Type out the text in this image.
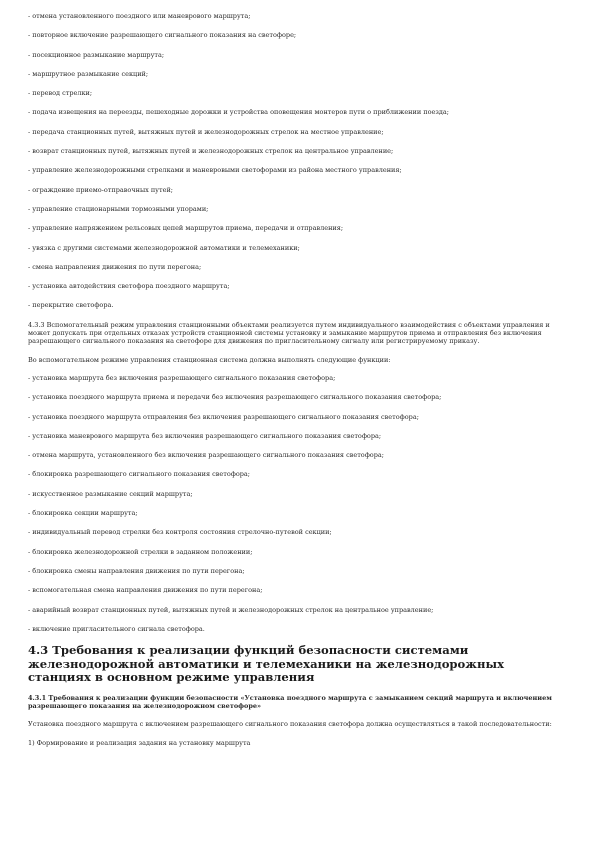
- отмена установленного поездного или маневрового маршрута;

- повторное включение разрешающего сигнального показания на светофоре;

- посекционное размыкание маршрута;

- маршрутное размыкание секций;

- перевод стрелки;

- подача извещения на переезды, пешеходные дорожки и устройства оповещения монтеров пути о приближении поезда;

- передача станционных путей, вытяжных путей и железнодорожных стрелок на местное управление;

- возврат станционных путей, вытяжных путей и железнодорожных стрелок на центральное управление;

- управление железнодорожными стрелками и маневровыми светофорами из района местного управления;

- ограждение приемо-отправочных путей;

- управление стационарными тормозными упорами;

- управление напряжением рельсовых цепей маршрутов приема, передачи и отправления;

- увязка с другими системами железнодорожной автоматики и телемеханики;

- смена направления движения по пути перегона;

- установка автодействия светофора поездного маршрута;

- перекрытие светофора.

4.3.3 Вспомогательный режим управления станционными объектами реализуется путем индивидуального взаимодействия с объектами управления и может допускать при отдельных отказах устройств станционной системы установку и замыкание маршрутов приема и отправления без включения разрешающего сигнального показания на светофоре для движения по пригласительному сигналу или регистрируемому приказу.

Во вспомогательном режиме управления станционная система должна выполнять следующие функции:

- установка маршрута без включения разрешающего сигнального показания светофора;

- установка поездного маршрута приема и передачи без включения разрешающего сигнального показания светофора;

- установка поездного маршрута отправления без включения разрешающего сигнального показания светофора;

- установка маневрового маршрута без включения разрешающего сигнального показания светофора;

- отмена маршрута, установленного без включения разрешающего сигнального показания светофора;

- блокировка разрешающего сигнального показания светофора;

- искусственное размыкание секций маршрута;

- блокировка секции маршрута;

- индивидуальный перевод стрелки без контроля состояния стрелочно-путевой секции;

- блокировка железнодорожной стрелки в заданном положении;

- блокировка смены направления движения по пути перегона;

- вспомогательная смена направления движения по пути перегона;

- аварийный возврат станционных путей, вытяжных путей и железнодорожных стрелок на центральное управление;

- включение пригласительного сигнала светофора.

4.3 Требования к реализации функций безопасности системами железнодорожной автоматики и телемеханики на железнодорожных станциях в основном режиме управления

4.3.1 Требования к реализации функции безопасности «Установка поездного маршрута с замыканием секций маршрута и включением разрешающего показания на железнодорожном светофоре»

Установка поездного маршрута с включением разрешающего сигнального показания светофора должна осуществляться в такой последовательности:

1) Формирование и реализация задания на установку маршрута
